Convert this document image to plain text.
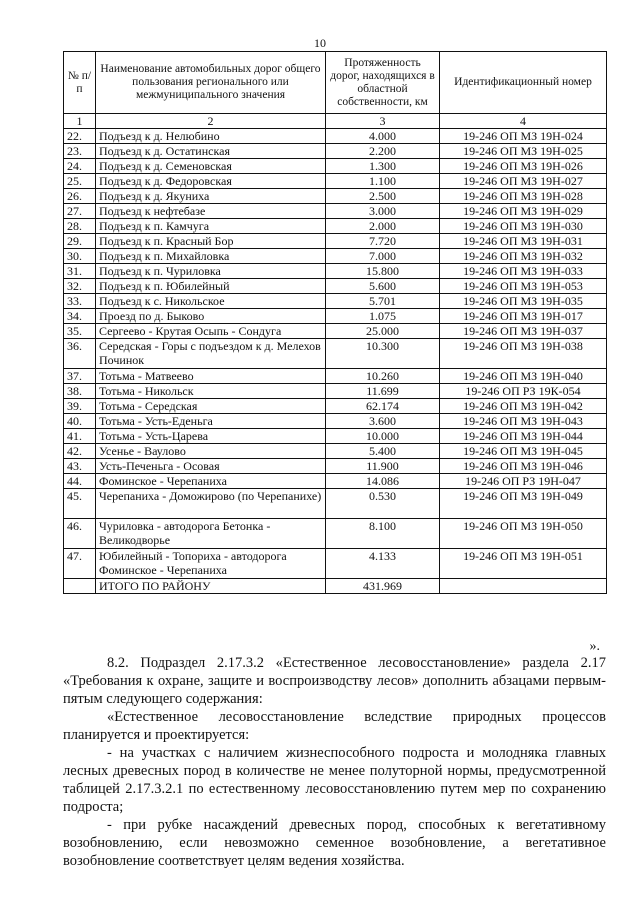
10
№ п/п	Наименование автомобильных дорог общего пользования регионального или межмуниципального значения	Протяженность дорог, находящихся в областной собственности, км	Идентификационный номер
1	2	3	4
22.	Подъезд к д. Нелюбино	4.000	19-246 ОП МЗ 19Н-024
23.	Подъезд к д. Остатинская	2.200	19-246 ОП МЗ 19Н-025
24.	Подъезд к д. Семеновская	1.300	19-246 ОП МЗ 19Н-026
25.	Подъезд к д. Федоровская	1.100	19-246 ОП МЗ 19Н-027
26.	Подъезд к д. Якуниха	2.500	19-246 ОП МЗ 19Н-028
27.	Подъезд к нефтебазе	3.000	19-246 ОП МЗ 19Н-029
28.	Подъезд к п. Камчуга	2.000	19-246 ОП МЗ 19Н-030
29.	Подъезд к п. Красный Бор	7.720	19-246 ОП МЗ 19Н-031
30.	Подъезд к п. Михайловка	7.000	19-246 ОП МЗ 19Н-032
31.	Подъезд к п. Чуриловка	15.800	19-246 ОП МЗ 19Н-033
32.	Подъезд к п. Юбилейный	5.600	19-246 ОП МЗ 19Н-053
33.	Подъезд к с. Никольское	5.701	19-246 ОП МЗ 19Н-035
34.	Проезд по д. Быково	1.075	19-246 ОП МЗ 19Н-017
35.	Сергеево - Крутая Осыпь - Сондуга	25.000	19-246 ОП МЗ 19Н-037
36.	Середская - Горы с подъездом к д. Мелехов Починок	10.300	19-246 ОП МЗ 19Н-038
37.	Тотьма - Матвеево	10.260	19-246 ОП МЗ 19Н-040
38.	Тотьма - Никольск	11.699	19-246 ОП РЗ 19К-054
39.	Тотьма - Середская	62.174	19-246 ОП МЗ 19Н-042
40.	Тотьма - Усть-Еденьга	3.600	19-246 ОП МЗ 19Н-043
41.	Тотьма - Усть-Царева	10.000	19-246 ОП МЗ 19Н-044
42.	Усенье - Ваулово	5.400	19-246 ОП МЗ 19Н-045
43.	Усть-Печеньга - Осовая	11.900	19-246 ОП МЗ 19Н-046
44.	Фоминское - Черепаниха	14.086	19-246 ОП РЗ 19Н-047
45.	Черепаниха - Доможирово (по Черепанихе)	0.530	19-246 ОП МЗ 19Н-049
46.	Чуриловка - автодорога Бетонка - Великодворье	8.100	19-246 ОП МЗ 19Н-050
47.	Юбилейный - Топориха - автодорога Фоминское - Черепаниха	4.133	19-246 ОП МЗ 19Н-051
	ИТОГО ПО РАЙОНУ	431.969	
».
8.2. Подраздел 2.17.3.2 «Естественное лесовосстановление» раздела 2.17 «Требования к охране, защите и воспроизводству лесов» дополнить абзацами первым-пятым следующего содержания:
«Естественное лесовосстановление вследствие природных процессов планируется и проектируется:
- на участках с наличием жизнеспособного подроста и молодняка главных лесных древесных пород в количестве не менее полуторной нормы, предусмотренной таблицей 2.17.3.2.1 по естественному лесовосстановлению путем мер по сохранению подроста;
- при рубке насаждений древесных пород, способных к вегетативному возобновлению, если невозможно семенное возобновление, а вегетативное возобновление соответствует целям ведения хозяйства.
